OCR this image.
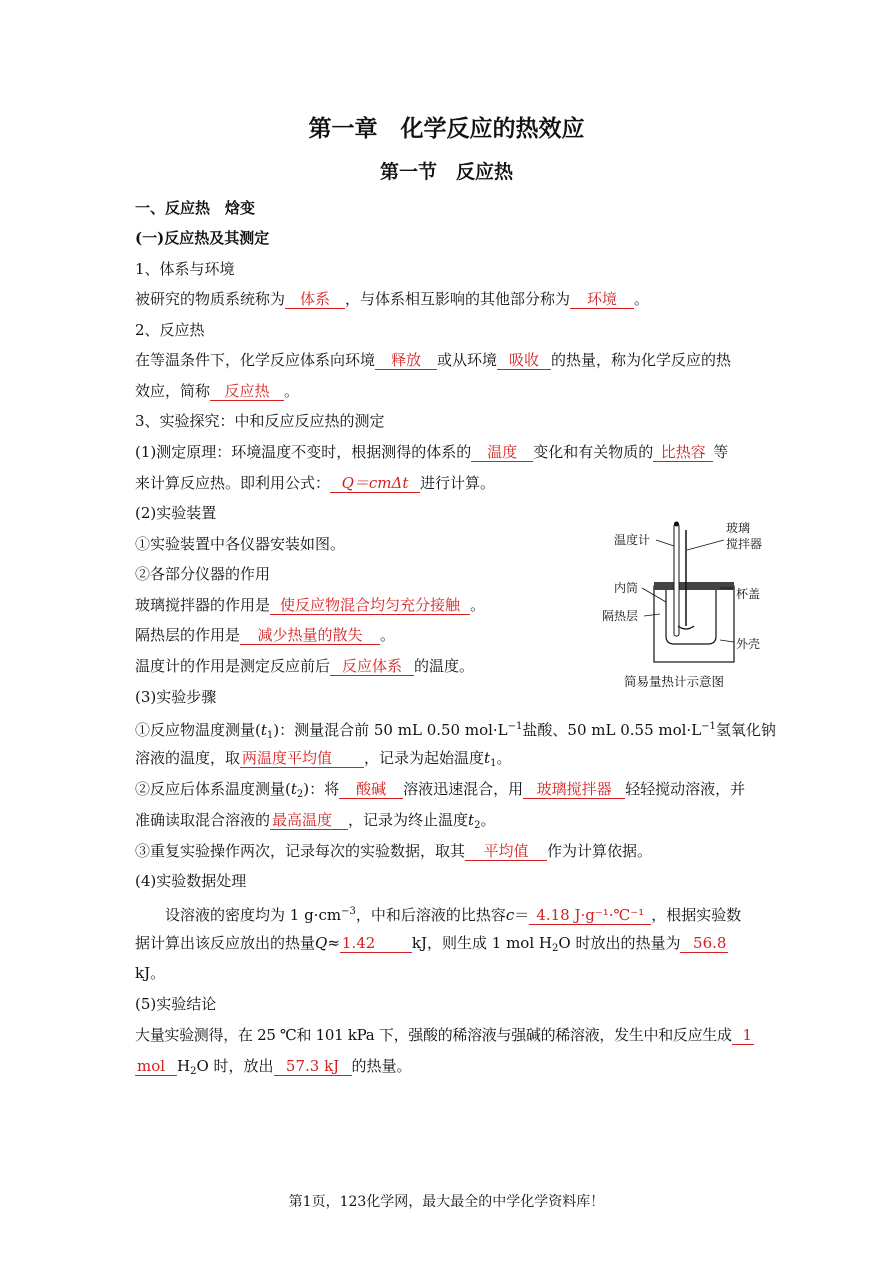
第一章　化学反应的热效应
第一节　反应热
一、反应热　焓变
(一)反应热及其测定
1、体系与环境
被研究的物质系统称为 体系 ，与体系相互影响的其他部分称为 环境 。
2、反应热
在等温条件下，化学反应体系向环境 释放 或从环境 吸收 的热量，称为化学反应的热
效应，简称 反应热 。
3、实验探究：中和反应反应热的测定
(1)测定原理：环境温度不变时，根据测得的体系的 温度 变化和有关物质的 比热容 等
来计算反应热。即利用公式： Q＝cmΔt 进行计算。
(2)实验装置
①实验装置中各仪器安装如图。
②各部分仪器的作用
玻璃搅拌器的作用是 使反应物混合均匀充分接触 。
隔热层的作用是 减少热量的散失 。
温度计的作用是测定反应前后 反应体系 的温度。
温度计
玻璃
搅拌器
内筒	杯盖
隔热层
外壳
简易量热计示意图
(3)实验步骤
①反应物温度测量$(t_1)$：测量混合前 50 mL 0.50 $mol\cdot L^{-1}$盐酸、50 mL 0.55 $mol\cdot L^{-1}$氢氧化钠
溶液的温度，取 两温度平均值 ，记录为起始温度$t_1$。
②反应后体系温度测量$(t_2)$：将 酸碱 溶液迅速混合，用 玻璃搅拌器 轻轻搅动溶液，并
准确读取混合溶液的 最高温度 ，记录为终止温度$t_2$。
③重复实验操作两次，记录每次的实验数据，取其 平均值 作为计算依据。
(4)实验数据处理
设溶液的密度均为 1 $g\cdot cm^{-3}$，中和后溶液的比热容c＝ 4.18 J·g⁻¹·℃⁻¹ ，根据实验数
据计算出该反应放出的热量Q≈ 1.42 kJ，则生成 1 mol $H_2O$ 时放出的热量为 56.8
kJ。
(5)实验结论
大量实验测得，在 25 ℃和 101 kPa 下，强酸的稀溶液与强碱的稀溶液，发生中和反应生成 1
mol $H_2O$ 时，放出 57.3 kJ 的热量。
第1页，123化学网，最大最全的中学化学资料库！
